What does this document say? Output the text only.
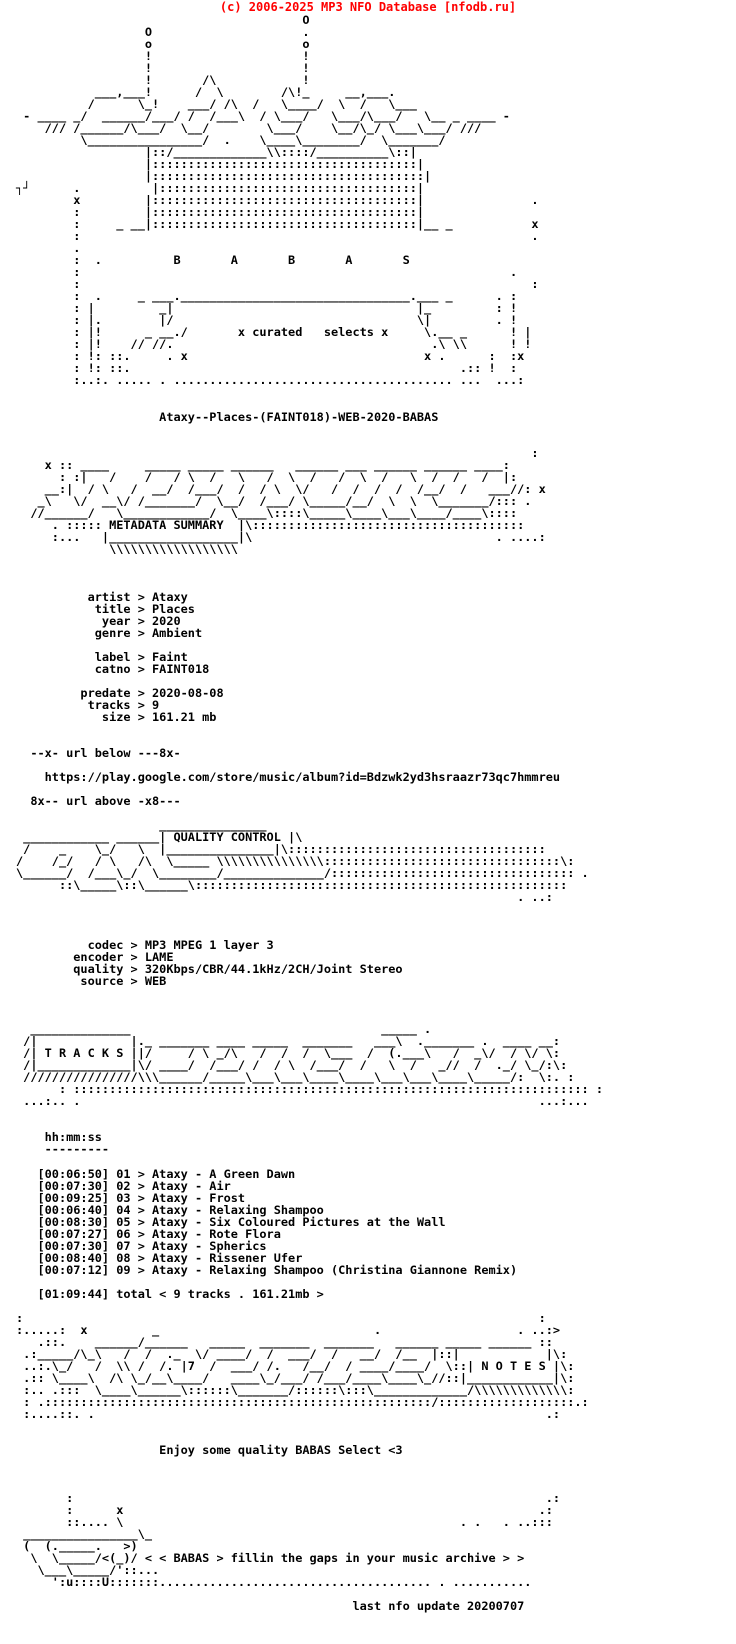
(c) 2006-2025 MP3 NFO Database [nfodb.ru]
O
O                     .
o                     o
!                     !
!                     !
!       /\            !
___,___!      /  \        /\!_     __,___.
/      \_!    ___/ /\  /   \____/  \  /   \___
- ____ _/  ______/___/ /  /___\  / \___/   \___/\___/   \__ _ ____ -
/// /______/\___/  \__/        \___/    \__/\_/ \___\___/ ///
\________________/  .    \____\________/  \_______/
|::/_____________\\::::/__________\::|
|:::::::::::::::::::::::::::::::::::::|
|::::::::::::::::::::::::::::::::::::::|
┐┘      .          |::::::::::::::::::::::::::::::::::::|
x         |:::::::::::::::::::::::::::::::::::::|               .
:         |:::::::::::::::::::::::::::::::::::::|
:     _ __|:::::::::::::::::::::::::::::::::::::|__ _           x
:                                                               .
.
:  .          B       A       B       A       S
:                                                            .
:                                                               :
:  .     _ ___.________________________________.___ _      . :
: |         _|                                  |_         : !
: |.        |/                                  \|         . !
: |!      _ __./       x curated   selects x     \.__ _      ! |
: |!    // //.                                    .\ \\      ! !
: !: ::.     . x                                 x .      :  :x
: !: ::.                                              .:: !  :
:..:. ..... . ....................................... ...  ...:

Ataxy--Places-(FAINT018)-WEB-2020-BABAS

:
x :: ____     _____ _____ ______   ______ ___ ______ ______ ____:
: :|   /    /   / \  /   \   /  \  /   /  \  /   \  /  /   /  |:
__:|  / \   /  __/  /___/  /  / \  \/   /  /  /  /  /__/  /   ___//: x
_\   \/  __\/ /_______/  \__/  /___/ \_____/__/  \  \  \_______/::: .
//______/   \____________/  \____\::::\_____\____\___\____/____\::::
. ::::: METADATA SUMMARY  |\::::::::::::::::::::::::::::::::::::::
:...   |__________________|\                                  . ....:
\\\\\\\\\\\\\\\\\\

artist > Ataxy
title > Places
year > 2020
genre > Ambient

label > Faint
catno > FAINT018

predate > 2020-08-08
tracks > 9
size > 161.21 mb

--x- url below ---8x-

https://play.google.com/store/music/album?id=Bdzwk2yd3hsraazr73qc7hmmreu

8x-- url above -x8---

_______________
____________ ______| QUALITY CONTROL |\
/    _    \_/   \  |_______________|\::::::::::::::::::::::::::::::::::::
/    /_/   / \   /\  \_____ \\\\\\\\\\\\\\\:::::::::::::::::::::::::::::::::\:
\______/  /___\_/  \________/______________/:::::::::::::::::::::::::::::::::: .
::\_____\::\______\::::::::::::::::::::::::::::::::::::::::::::::::::::
. ..:

codec > MP3 MPEG 1 layer 3
encoder > LAME
quality > 320Kbps/CBR/44.1kHz/2CH/Joint Stereo
source > WEB

______________                                   _____ .
/|             |._ _______ ____ _____  _______   ___\  ._______ .  ____ __:
/| T R A C K S ||/     / \ _/\   /  /  /  \___  /  (.___\   /  _\/  / \/ \:
/|_____________|\/ ____/  /___/ /  / \  /___/  /   \  /   _//  /  ._/ \_/:\:
////////////////\\\______/_____\___\___\____\____\___\___\____\_____/:  \:. :
: :::::::::::::::::::::::::::::::::::::::::::::::::::::::::::::::::::::::: :
...:.. .                                                                ...:...

hh:mm:ss
---------

[00:06:50] 01 > Ataxy - A Green Dawn
[00:07:30] 02 > Ataxy - Air
[00:09:25] 03 > Ataxy - Frost
[00:06:40] 04 > Ataxy - Relaxing Shampoo
[00:08:30] 05 > Ataxy - Six Coloured Pictures at the Wall
[00:07:27] 06 > Ataxy - Rote Flora
[00:07:30] 07 > Ataxy - Spherics
[00:08:40] 08 > Ataxy - Rissener Ufer
[00:07:12] 09 > Ataxy - Relaxing Shampoo (Christina Giannone Remix)

[01:09:44] total < 9 tracks . 161.21mb >

:                                                                        :
:.....:  x         _                              .                   . ..:>
.::.    ______/______   _____  _______  _______   ______ _____ ______ ::
.:_____/\_\   /  /  ._  \/ ____/  /  ___/  /   __/  /__  |::|            |\:
..:.\_/   /  \\ /  /. |7  /  ___/ /.   /__/  / ____/____/  \::| N O T E S |\:
.:: \____\  /\ \_/__\____/   ____\_/___/ /___/____\____\_//::|____________|\:
:.. .:::  \____\______\::::::\_______/::::::\:::\_____________/\\\\\\\\\\\\\:
: .::::::::::::::::::::::::::::::::::::::::::::::::::::::/:::::::::::::::::::.:
:....::. .                                                               .:

Enjoy some quality BABAS Select <3

:                                                                  .:
:      x                                                          .:
::.... \                                               . .   . ..:::
________________\_
(  (._____.   >)
\  \_____/<(_)/ < < BABAS > fillin the gaps in your music archive > >
\___\_____/'::...
':u::::U:::::::...................................... . ...........

last nfo update 20200707
